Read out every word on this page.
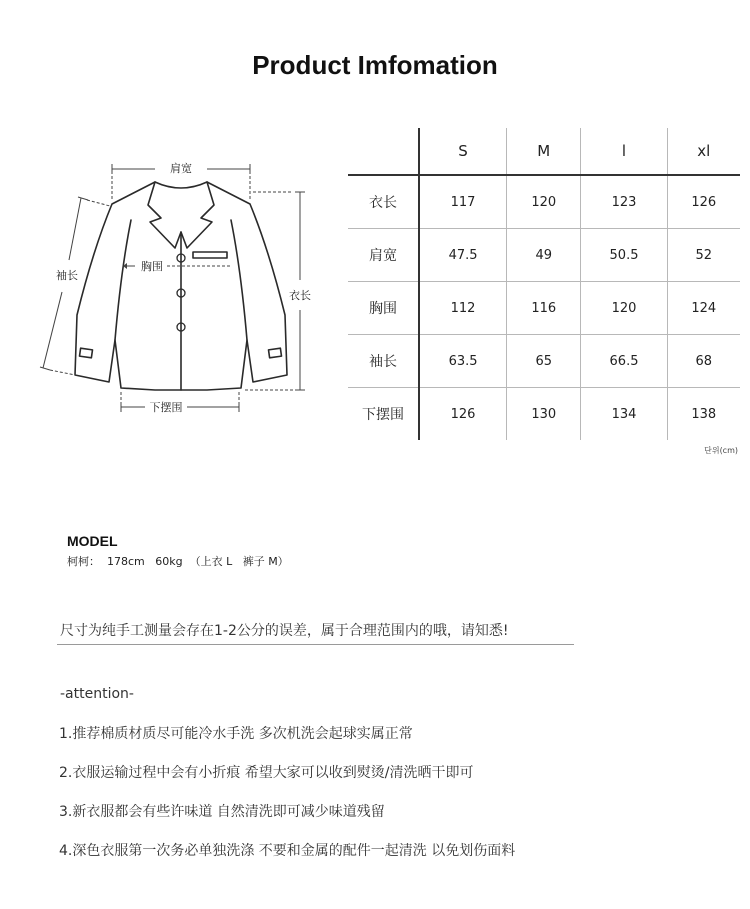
Product Imfomation
肩宽
袖长
胸围
衣长
下摆围
	S	M	l	xl
衣长	117	120	123	126
肩宽	47.5	49	50.5	52
胸围	112	116	120	124
袖长	63.5	65	66.5	68
下摆围	126	130	134	138
단위(cm)
MODEL
柯柯：  178cm   60kg  （上衣 L   裤子 M）
尺寸为纯手工测量会存在1-2公分的误差，属于合理范围内的哦，请知悉!
-attention-
1.推荐棉质材质尽可能冷水手洗 多次机洗会起球实属正常
2.衣服运输过程中会有小折痕 希望大家可以收到熨烫/清洗晒干即可
3.新衣服都会有些许味道 自然清洗即可减少味道残留
4.深色衣服第一次务必单独洗涤 不要和金属的配件一起清洗 以免划伤面料
